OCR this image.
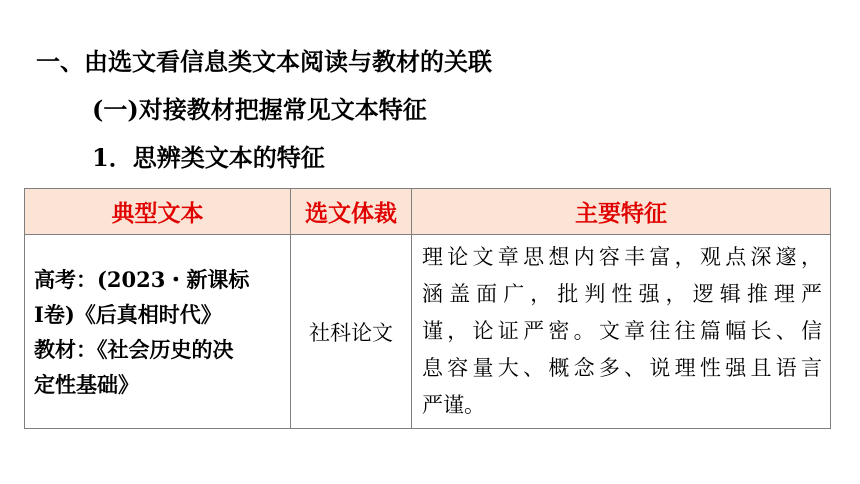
一、由选文看信息类文本阅读与教材的关联
(一)对接教材把握常见文本特征
1．思辨类文本的特征
典型文本	选文体裁	主要特征

高考：(2023・新课标
Ⅰ卷)《后真相时代》
教材：《社会历史的决
定性基础》	社科论文	理论文章思想内容丰富，观点深邃，
涵盖面广，批判性强，逻辑推理严
谨，论证严密。文章往往篇幅长、信
息容量大、概念多、说理性强且语言
严谨。
